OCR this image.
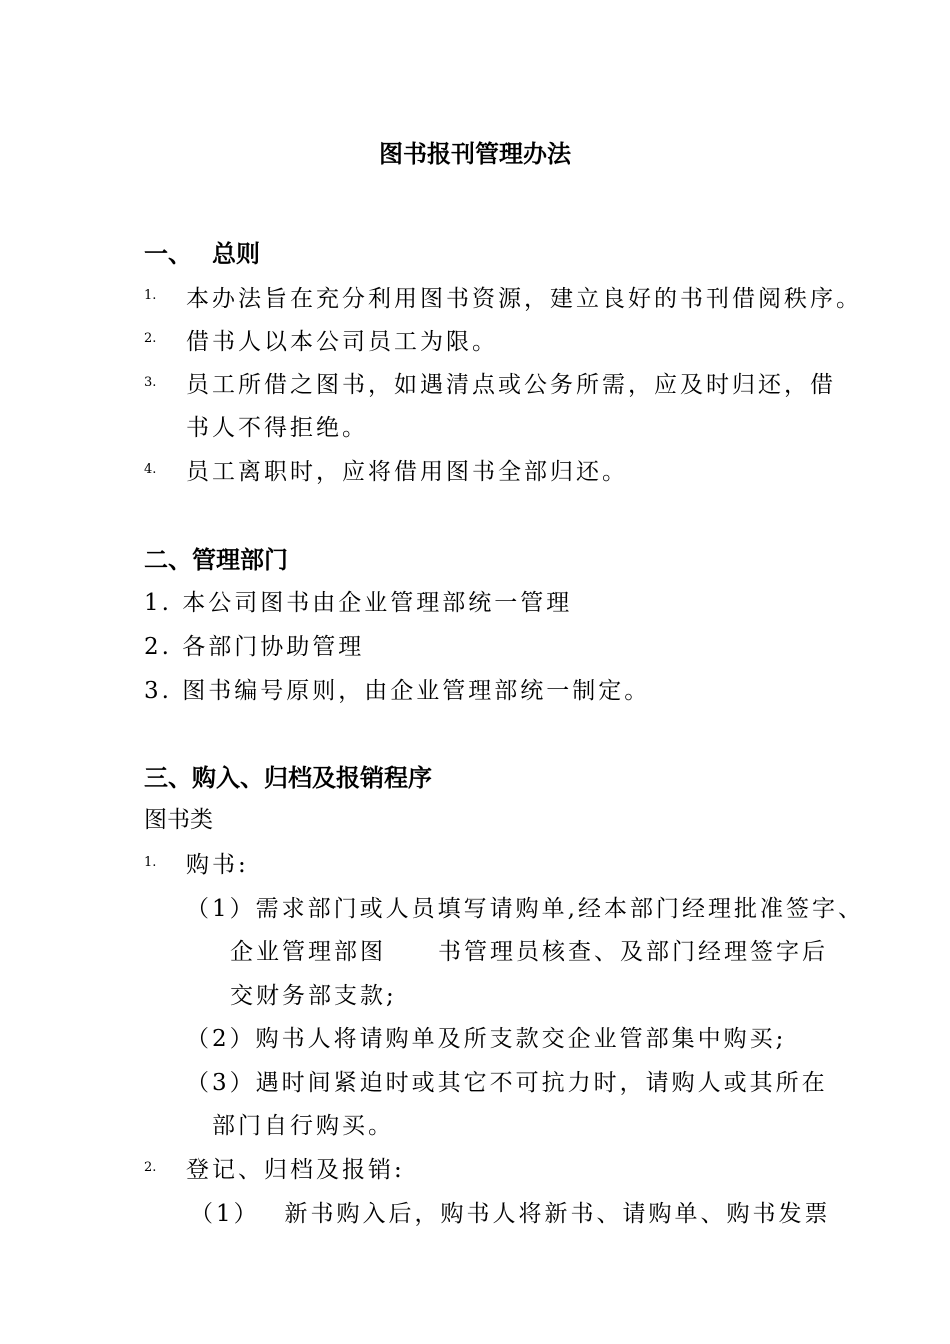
图书报刊管理办法
一、 总则
1. 本办法旨在充分利用图书资源，建立良好的书刊借阅秩序。
2. 借书人以本公司员工为限。
3. 员工所借之图书，如遇清点或公务所需，应及时归还，借
书人不得拒绝。
4. 员工离职时，应将借用图书全部归还。
二、管理部门
1. 本公司图书由企业管理部统一管理
2. 各部门协助管理
3. 图书编号原则，由企业管理部统一制定。
三、购入、归档及报销程序
图书类
1. 购书:
（1）需求部门或人员填写请购单,经本部门经理批准签字、
企业管理部图　　书管理员核查、及部门经理签字后
交财务部支款;
（2）购书人将请购单及所支款交企业管部集中购买;
（3）遇时间紧迫时或其它不可抗力时，请购人或其所在
部门自行购买。
2. 登记、归档及报销:
（1）　 新书购入后，购书人将新书、请购单、购书发票
